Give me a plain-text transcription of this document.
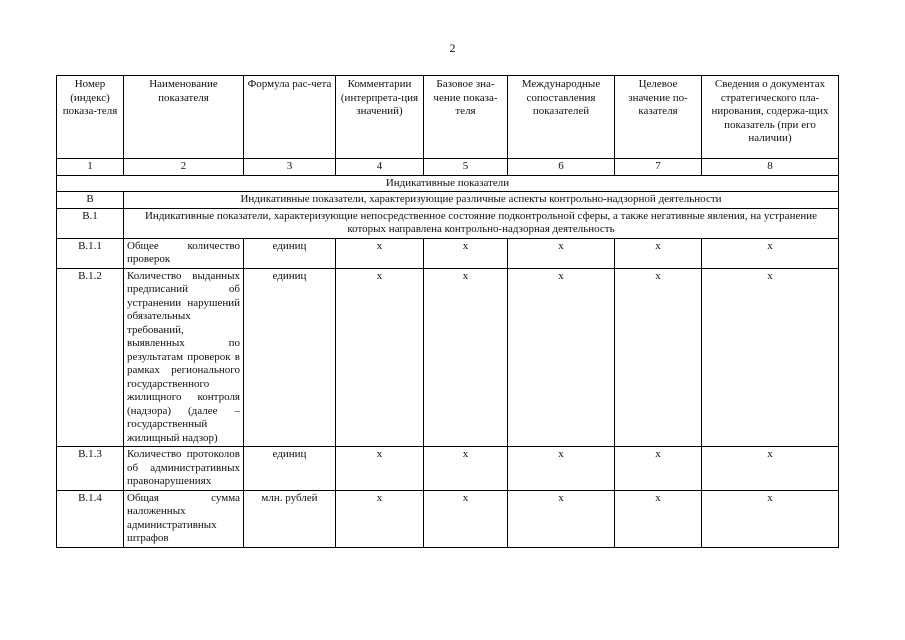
2
Номер (индекс) показа-теля	Наименование показателя	Формула рас-чета	Комментарии (интерпрета-ция значений)	Базовое зна-чение показа-теля	Международные сопоставления показателей	Целевое значение по-казателя	Сведения о документах стратегического пла-нирования, содержа-щих показатель (при его наличии)
1	2	3	4	5	6	7	8
Индикативные показатели							
B	Индикативные показатели, характеризующие различные аспекты контрольно-надзорной деятельности						
B.1	Индикативные показатели, характеризующие непосредственное состояние подконтрольной сферы, а также негативные явления, на устранение которых направлена контрольно-надзорная деятельность						
B.1.1	Общее количество проверок	единиц	x	x	x	x	x
B.1.2	Количество выданных предписаний об устранении нарушений обязательных требований, выявленных по результатам проверок в рамках регионального государственного жилищного контроля (надзора) (далее – государственный жилищный надзор)	единиц	x	x	x	x	x
B.1.3	Количество протоколов об административных правонарушениях	единиц	x	x	x	x	x
B.1.4	Общая сумма наложенных административных штрафов	млн. рублей	x	x	x	x	x
